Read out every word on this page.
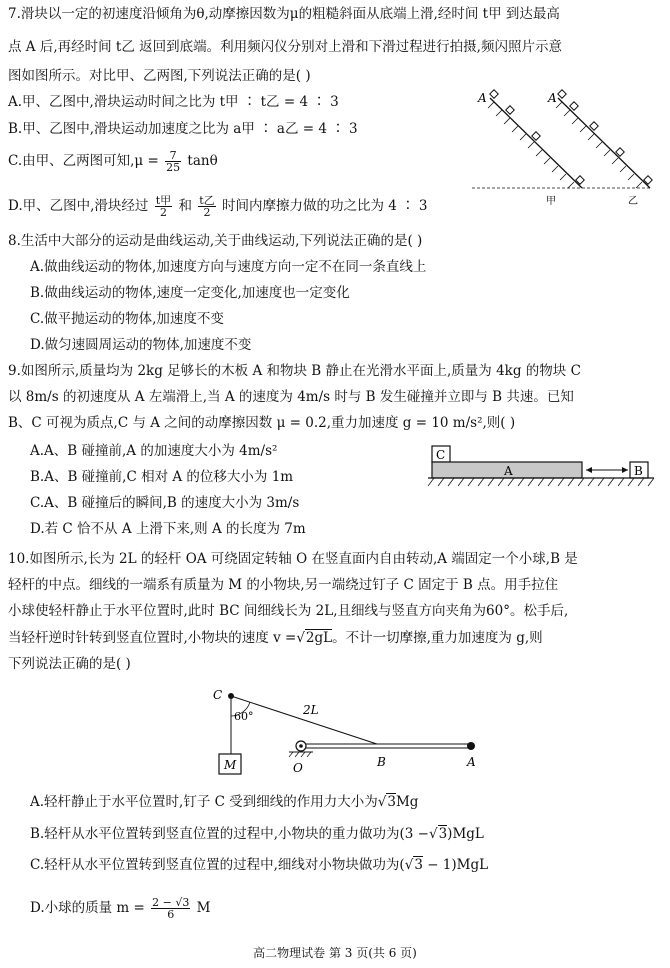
7.滑块以一定的初速度沿倾角为θ,动摩擦因数为μ的粗糙斜面从底端上滑,经时间 t甲 到达最高
点 A 后,再经时间 t乙 返回到底端。利用频闪仪分别对上滑和下滑过程进行拍摄,频闪照片示意
图如图所示。对比甲、乙两图,下列说法正确的是( )
A.甲、乙图中,滑块运动时间之比为 t甲 ∶ t乙 = 4 ∶ 3
B.甲、乙图中,滑块运动加速度之比为 a甲 ∶ a乙 = 4 ∶ 3
C.由甲、乙两图可知$,\mu = \frac{7}{25}$ tanθ
D.甲、乙图中,滑块经过 $\frac{\text{t甲}}{2}$ 和 $\frac{\text{t乙}}{2}$ 时间内摩擦力做的功之比为 4 ∶ 3
A	A
甲	乙
8.生活中大部分的运动是曲线运动,关于曲线运动,下列说法正确的是( )
A.做曲线运动的物体,加速度方向与速度方向一定不在同一条直线上
B.做曲线运动的物体,速度一定变化,加速度也一定变化
C.做平抛运动的物体,加速度不变
D.做匀速圆周运动的物体,加速度不变
9.如图所示,质量均为 2kg 足够长的木板 A 和物块 B 静止在光滑水平面上,质量为 4kg 的物块 C
以 8m/s 的初速度从 A 左端滑上,当 A 的速度为 4m/s 时与 B 发生碰撞并立即与 B 共速。已知
B、C 可视为质点,C 与 A 之间的动摩擦因数 μ = 0.2,重力加速度 g = 10 m/s²,则( )
A.A、B 碰撞前,A 的加速度大小为 4m/s²
B.A、B 碰撞前,C 相对 A 的位移大小为 1m
C.A、B 碰撞后的瞬间,B 的速度大小为 3m/s
D.若 C 恰不从 A 上滑下来,则 A 的长度为 7m
C
A	B
10.如图所示,长为 2L 的轻杆 OA 可绕固定转轴 O 在竖直面内自由转动,A 端固定一个小球,B 是
轻杆的中点。细线的一端系有质量为 M 的小物块,另一端绕过钉子 C 固定于 B 点。用手拉住
小球使轻杆静止于水平位置时,此时 BC 间细线长为 2L,且细线与竖直方向夹角为60°。松手后,
当轻杆逆时针转到竖直位置时,小物块的速度 v =√2gL。不计一切摩擦,重力加速度为 g,则
下列说法正确的是( )
M
C
60°	2L
O	B	A
A.轻杆静止于水平位置时,钉子 C 受到细线的作用力大小为√3Mg
B.轻杆从水平位置转到竖直位置的过程中,小物块的重力做功为(3 −√3)MgL
C.轻杆从水平位置转到竖直位置的过程中,细线对小物块做功为(√3 − 1)MgL
D.小球的质量 $m = \frac{2 - √3}{6}$ M
高二物理试卷 第 3 页(共 6 页)
